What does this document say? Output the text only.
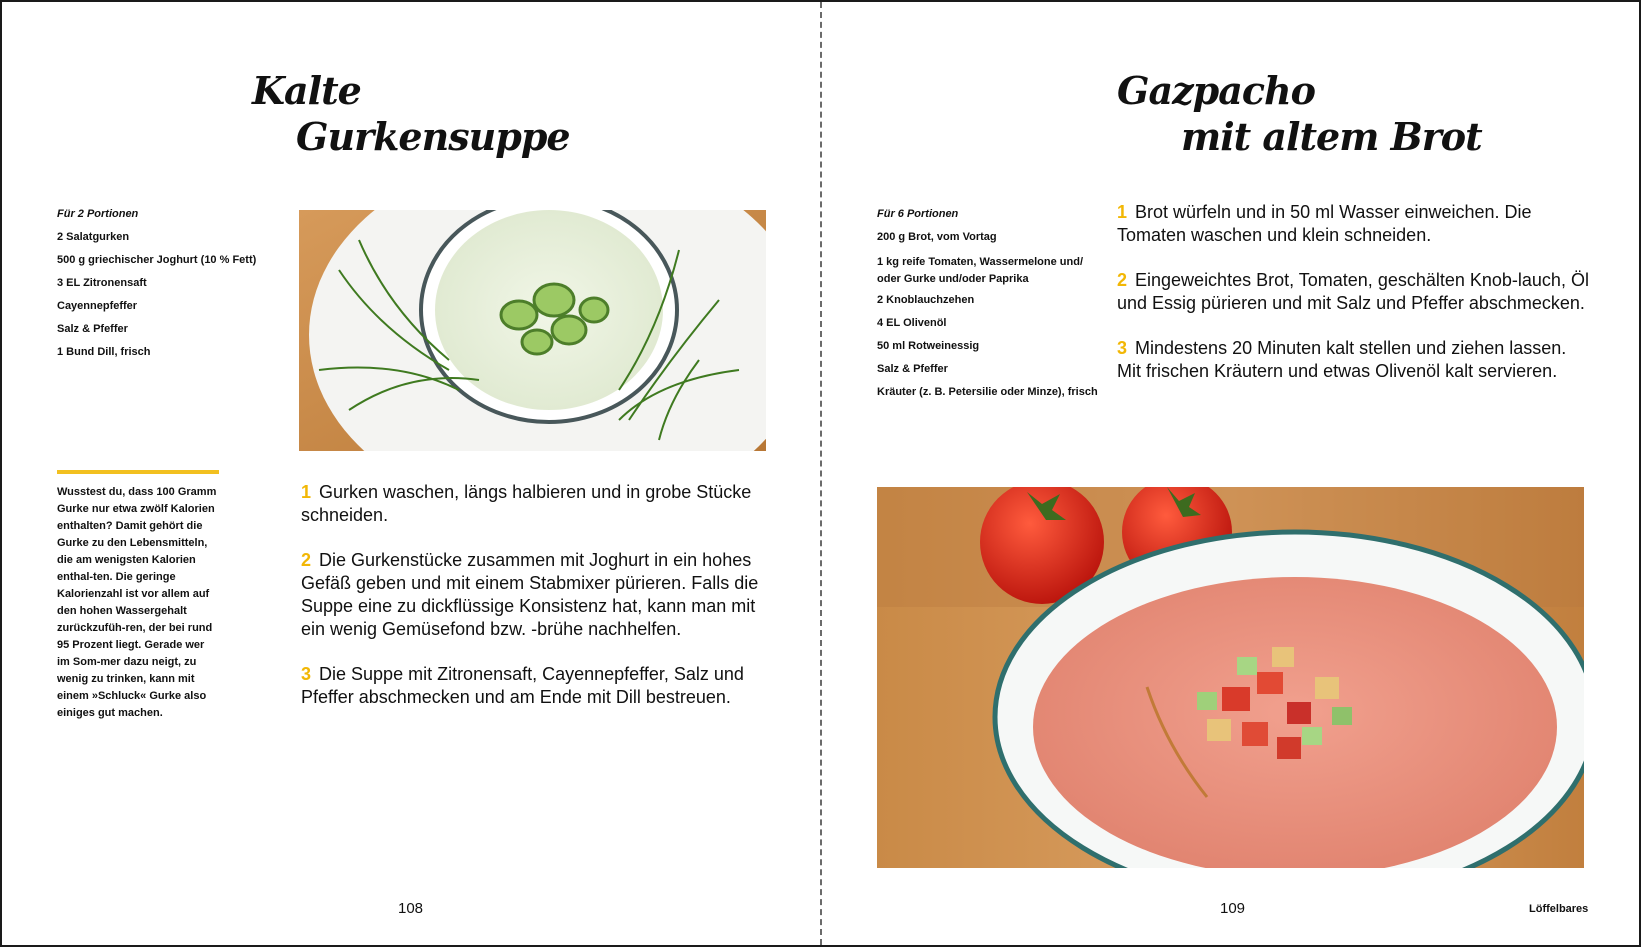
Kalte
Gurkensuppe
Für 2 Portionen
2 Salatgurken
500 g griechischer Joghurt (10 % Fett)
3 EL Zitronensaft
Cayennepfeffer
Salz & Pfeffer
1 Bund Dill, frisch
1 Gurken waschen, längs halbieren und in grobe Stücke schneiden.
2 Die Gurkenstücke zusammen mit Joghurt in ein hohes Gefäß geben und mit einem Stabmixer pürieren. Falls die Suppe eine zu dickflüssige Konsistenz hat, kann man mit ein wenig Gemüsefond bzw. -brühe nachhelfen.
3 Die Suppe mit Zitronensaft, Cayennepfeffer, Salz und Pfeffer abschmecken und am Ende mit Dill bestreuen.

Wusstest du, dass 100 Gramm Gurke nur etwa zwölf Kalorien enthalten? Damit gehört die Gurke zu den Lebensmitteln, die am wenigsten Kalorien enthal-ten. Die geringe Kalorienzahl ist vor allem auf den hohen Wassergehalt zurückzufüh-ren, der bei rund 95 Prozent liegt. Gerade wer im Som-mer dazu neigt, zu wenig zu trinken, kann mit einem »Schluck« Gurke also einiges gut machen.

108
Gazpacho
mit altem Brot
Für 6 Portionen
200 g Brot, vom Vortag
1 kg reife Tomaten, Wassermelone und/ oder Gurke und/oder Paprika
2 Knoblauchzehen
4 EL Olivenöl
50 ml Rotweinessig
Salz & Pfeffer
Kräuter (z. B. Petersilie oder Minze), frisch
1 Brot würfeln und in 50 ml Wasser einweichen. Die Tomaten waschen und klein schneiden.
2 Eingeweichtes Brot, Tomaten, geschälten Knob-lauch, Öl und Essig pürieren und mit Salz und Pfeffer abschmecken.
3 Mindestens 20 Minuten kalt stellen und ziehen lassen. Mit frischen Kräutern und etwas Olivenöl kalt servieren.
109	Löffelbares
